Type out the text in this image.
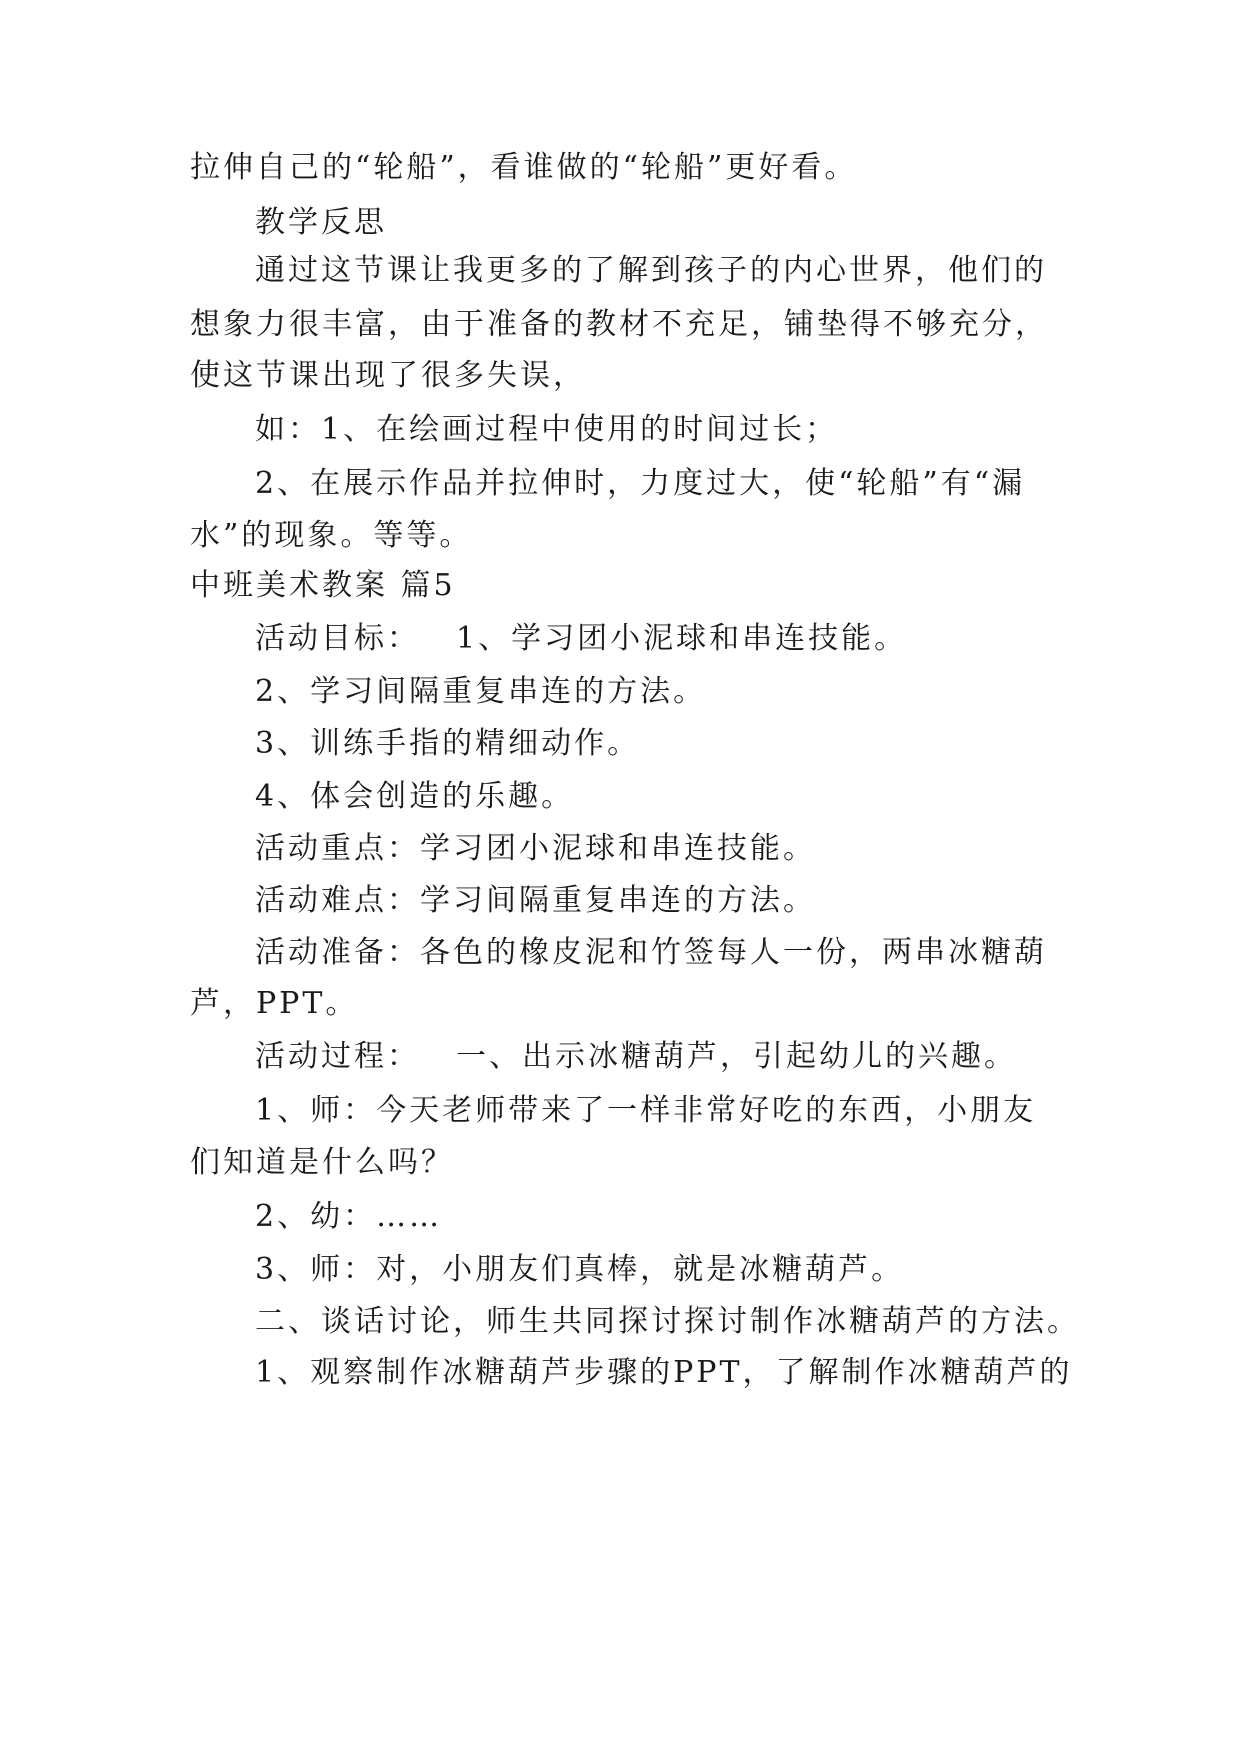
拉伸自己的“轮船”，看谁做的“轮船”更好看。
教学反思
通过这节课让我更多的了解到孩子的内心世界，他们的
想象力很丰富，由于准备的教材不充足，铺垫得不够充分，
使这节课出现了很多失误，
如：1、在绘画过程中使用的时间过长；
2、在展示作品并拉伸时，力度过大，使“轮船”有“漏
水”的现象。等等。
中班美术教案 篇5
活动目标： 1、学习团小泥球和串连技能。
2、学习间隔重复串连的方法。
3、训练手指的精细动作。
4、体会创造的乐趣。
活动重点：学习团小泥球和串连技能。
活动难点：学习间隔重复串连的方法。
活动准备：各色的橡皮泥和竹签每人一份，两串冰糖葫
芦，PPT。
活动过程： 一、出示冰糖葫芦，引起幼儿的兴趣。
1、师：今天老师带来了一样非常好吃的东西，小朋友
们知道是什么吗？
2、幼：……
3、师：对，小朋友们真棒，就是冰糖葫芦。
二、谈话讨论，师生共同探讨探讨制作冰糖葫芦的方法。
1、观察制作冰糖葫芦步骤的PPT，了解制作冰糖葫芦的
